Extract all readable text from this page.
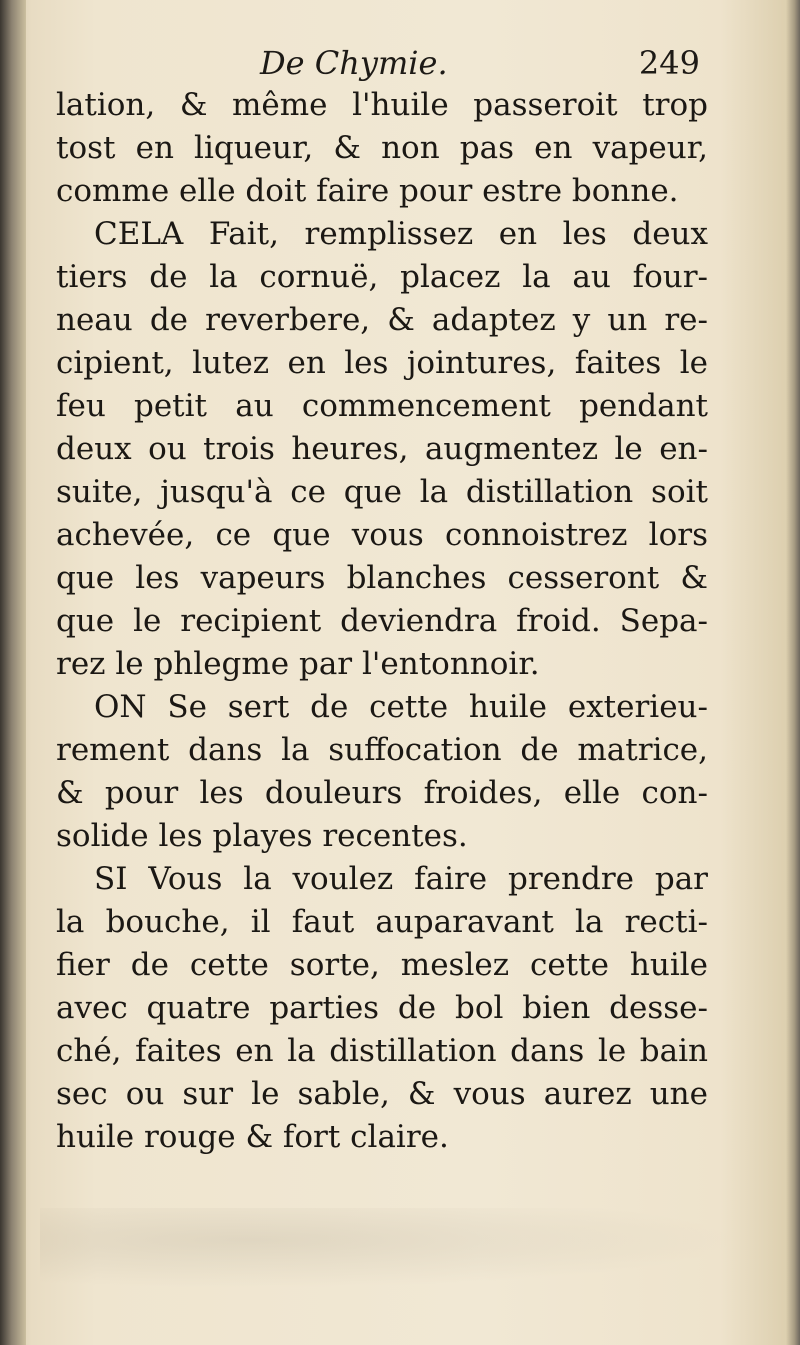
De Chymie.	249
lation, & même l'huile passeroit trop
tost en liqueur, & non pas en vapeur,
comme elle doit faire pour estre bonne.
CELA Fait, remplissez en les deux
tiers de la cornuë, placez la au four-
neau de reverbere, & adaptez y un re-
cipient, lutez en les jointures, faites le
feu petit au commencement pendant
deux ou trois heures, augmentez le en-
suite, jusqu'à ce que la distillation soit
achevée, ce que vous connoistrez lors
que les vapeurs blanches cesseront &
que le recipient deviendra froid. Sepa-
rez le phlegme par l'entonnoir.
ON Se sert de cette huile exterieu-
rement dans la suffocation de matrice,
& pour les douleurs froides, elle con-
solide les playes recentes.
SI Vous la voulez faire prendre par
la bouche, il faut auparavant la recti-
fier de cette sorte, meslez cette huile
avec quatre parties de bol bien desse-
ché, faites en la distillation dans le bain
sec ou sur le sable, & vous aurez une
huile rouge & fort claire.
